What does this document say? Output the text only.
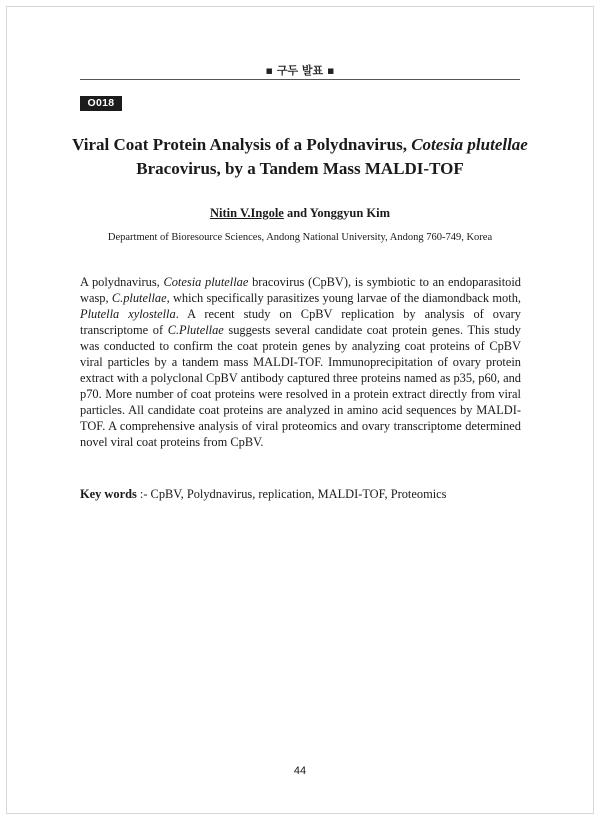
▪ 구두 발표 ▪
O018
Viral Coat Protein Analysis of a Polydnavirus, Cotesia plutellae
Bracovirus, by a Tandem Mass MALDI-TOF
Nitin V.Ingole and Yonggyun Kim
Department of Bioresource Sciences, Andong National University, Andong 760-749, Korea

A polydnavirus, Cotesia plutellae bracovirus (CpBV), is symbiotic to an endoparasitoid wasp, C.plutellae, which specifically parasitizes young larvae of the diamondback moth, Plutella xylostella. A recent study on CpBV replication by analysis of ovary transcriptome of C.Plutellae suggests several candidate coat protein genes. This study was conducted to confirm the coat protein genes by analyzing coat proteins of CpBV viral particles by a tandem mass MALDI-TOF. Immunoprecipitation of ovary protein extract with a polyclonal CpBV antibody captured three proteins named as p35, p60, and p70. More number of coat proteins were resolved in a protein extract directly from viral particles. All candidate coat proteins are analyzed in amino acid sequences by MALDI-TOF. A comprehensive analysis of viral proteomics and ovary transcriptome determined novel viral coat proteins from CpBV.

Key words :- CpBV, Polydnavirus, replication, MALDI-TOF, Proteomics
44
